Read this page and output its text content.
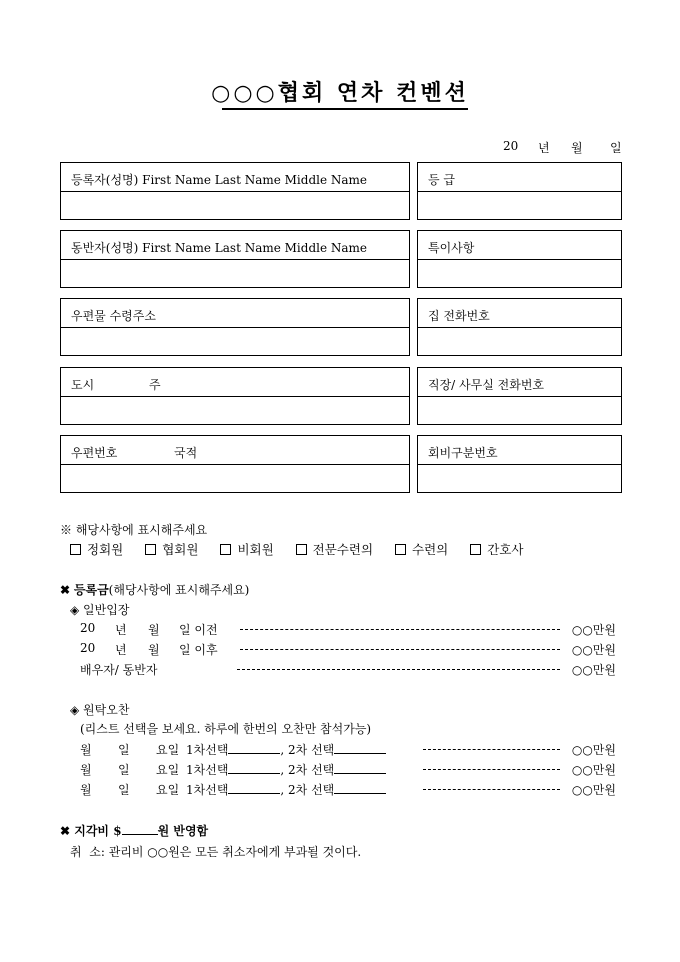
○○○협회 연차 컨벤션
20 년 월 일
등록자(성명) First Name Last Name Middle Name	등 급
동반자(성명) First Name Last Name Middle Name	특이사항
우편물 수령주소	집 전화번호
도시	주	직장/ 사무실 전화번호
우편번호	국적	회비구분번호
※ 해당사항에 표시해주세요
정회원	협회원	비회원	전문수련의	수련의	간호사
✖ 등록금(해당사항에 표시해주세요)
◈ 일반입장
20 년 월 일 이전	○○만원
20 년 월 일 이후	○○만원
배우자/ 동반자	○○만원
◈ 원탁오찬
(리스트 선택을 보세요. 하루에 한번의 오찬만 참석가능)
월 일 요일 1차선택	, 2차 선택	○○만원
월 일 요일 1차선택	, 2차 선택	○○만원
월 일 요일 1차선택	, 2차 선택	○○만원
✖ 지각비 $	원 반영함
취  소: 관리비 ○○원은 모든 취소자에게 부과될 것이다.
